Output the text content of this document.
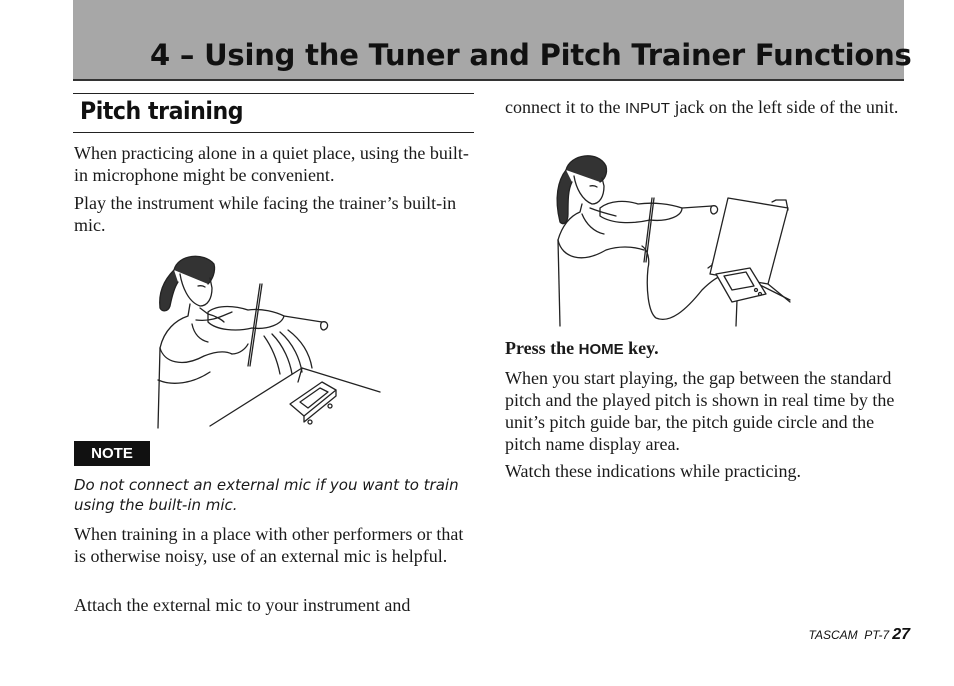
4 – Using the Tuner and Pitch Trainer Functions
Pitch training

When practicing alone in a quiet place, using the built-in microphone might be convenient.

Play the instrument while facing the trainer’s built-in mic.

NOTE

Do not connect an external mic if you want to train using the built-in mic.

When training in a place with other performers or that is otherwise noisy, use of an external mic is helpful.

Attach the external mic to your instrument and

connect it to the INPUT jack on the left side of the unit.

Press the HOME key.

When you start playing, the gap between the standard pitch and the played pitch is shown in real time by the unit’s pitch guide bar, the pitch guide circle and the pitch name display area.

Watch these indications while practicing.

TASCAM PT-7 27
